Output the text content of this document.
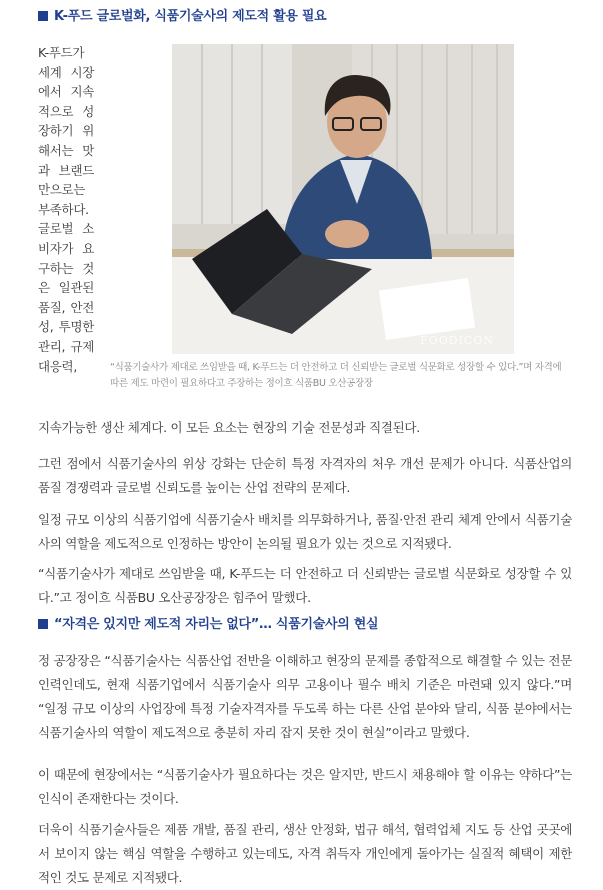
K-푸드 글로벌화, 식품기술사의 제도적 활용 필요
K-푸드가 세계 시장에서 지속적으로 성장하기 위해서는 맛과 브랜드만으로는 부족하다. 글로벌 소비자가 요구하는 것은 일관된 품질, 안전성, 투명한 관리, 규제 대응력,
FOODICON
“식품기술사가 제대로 쓰임받을 때, K-푸드는 더 안전하고 더 신뢰받는 글로벌 식문화로 성장할 수 있다.”며 자격에 따른 제도 마련이 필요하다고 주장하는 정이흐 식품BU 오산공장장

지속가능한 생산 체계다. 이 모든 요소는 현장의 기술 전문성과 직결된다.

그런 점에서 식품기술사의 위상 강화는 단순히 특정 자격자의 처우 개선 문제가 아니다. 식품산업의 품질 경쟁력과 글로벌 신뢰도를 높이는 산업 전략의 문제다.

일정 규모 이상의 식품기업에 식품기술사 배치를 의무화하거나, 품질·안전 관리 체계 안에서 식품기술사의 역할을 제도적으로 인정하는 방안이 논의될 필요가 있는 것으로 지적됐다.

“식품기술사가 제대로 쓰임받을 때, K-푸드는 더 안전하고 더 신뢰받는 글로벌 식문화로 성장할 수 있다.”고 정이흐 식품BU 오산공장장은 힘주어 말했다.

“자격은 있지만 제도적 자리는 없다”… 식품기술사의 현실

정 공장장은 “식품기술사는 식품산업 전반을 이해하고 현장의 문제를 종합적으로 해결할 수 있는 전문 인력인데도, 현재 식품기업에서 식품기술사 의무 고용이나 필수 배치 기준은 마련돼 있지 않다.”며 “일정 규모 이상의 사업장에 특정 기술자격자를 두도록 하는 다른 산업 분야와 달리, 식품 분야에서는 식품기술사의 역할이 제도적으로 충분히 자리 잡지 못한 것이 현실”이라고 말했다.

이 때문에 현장에서는 “식품기술사가 필요하다는 것은 알지만, 반드시 채용해야 할 이유는 약하다”는 인식이 존재한다는 것이다.

더욱이 식품기술사들은 제품 개발, 품질 관리, 생산 안정화, 법규 해석, 협력업체 지도 등 산업 곳곳에서 보이지 않는 핵심 역할을 수행하고 있는데도, 자격 취득자 개인에게 돌아가는 실질적 혜택이 제한적인 것도 문제로 지적됐다.
